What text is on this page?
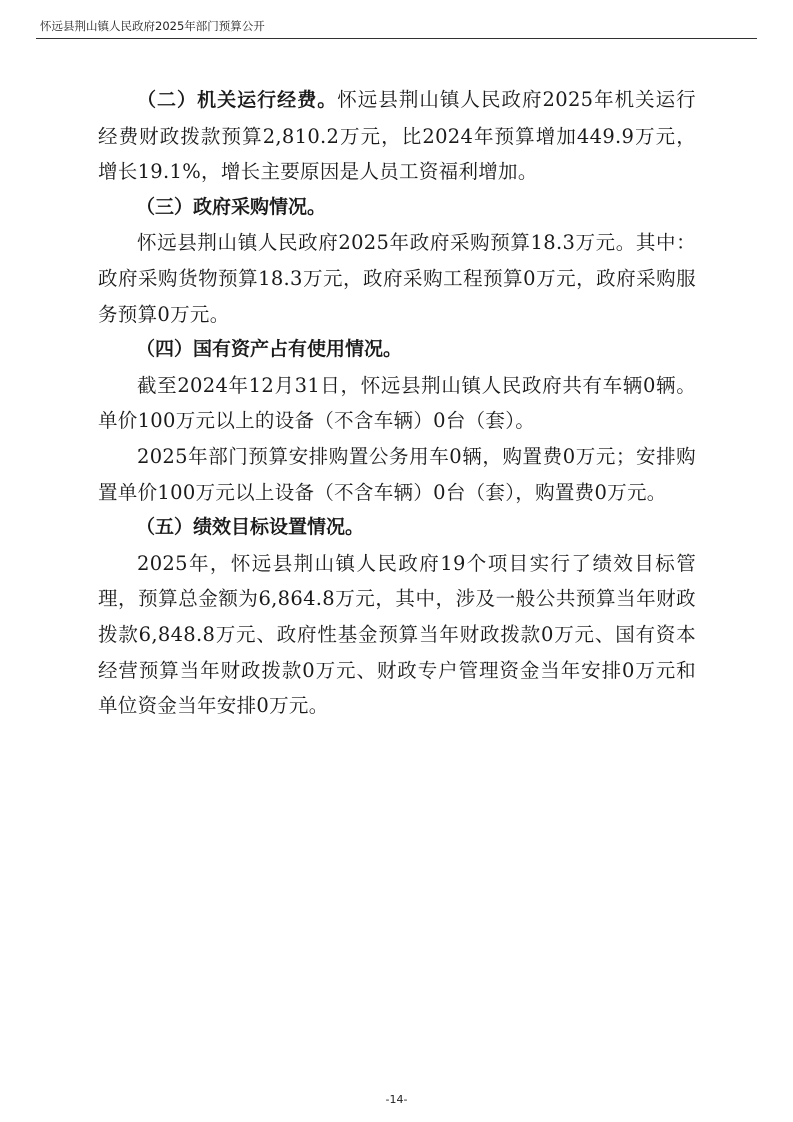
怀远县荆山镇人民政府2025年部门预算公开

（二）机关运行经费。怀远县荆山镇人民政府2025年机关运行经费财政拨款预算2,810.2万元，比2024年预算增加449.9万元，增长19.1%，增长主要原因是人员工资福利增加。

（三）政府采购情况。

怀远县荆山镇人民政府2025年政府采购预算18.3万元。其中：政府采购货物预算18.3万元，政府采购工程预算0万元，政府采购服务预算0万元。

（四）国有资产占有使用情况。

截至2024年12月31日，怀远县荆山镇人民政府共有车辆0辆。单价100万元以上的设备（不含车辆）0台（套）。

2025年部门预算安排购置公务用车0辆，购置费0万元；安排购置单价100万元以上设备（不含车辆）0台（套），购置费0万元。

（五）绩效目标设置情况。

2025年，怀远县荆山镇人民政府19个项目实行了绩效目标管理，预算总金额为6,864.8万元，其中，涉及一般公共预算当年财政拨款6,848.8万元、政府性基金预算当年财政拨款0万元、国有资本经营预算当年财政拨款0万元、财政专户管理资金当年安排0万元和单位资金当年安排0万元。

-14-
